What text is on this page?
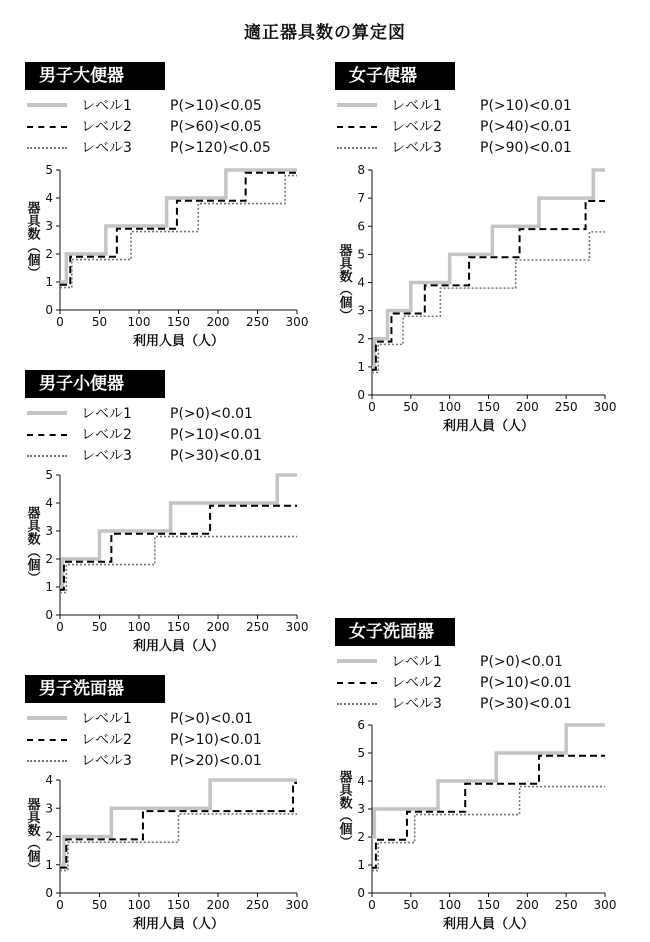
適正器具数の算定図
男子大便器
レベル1	P(>10)<0.05
レベル2	P(>60)<0.05
レベル3	P(>120)<0.05
0
1
2
3
4
5
0 50 100 150 200 250 300
利用人員（人）
器具数（個）
女子便器
レベル1	P(>10)<0.01
レベル2	P(>40)<0.01
レベル3	P(>90)<0.01
0
1
2
3
4
5
6
7
8
0 50 100 150 200 250 300
利用人員（人）
器具数（個）
男子小便器
レベル1	P(>0)<0.01
レベル2	P(>10)<0.01
レベル3	P(>30)<0.01
0
1
2
3
4
5
0 50 100 150 200 250 300
利用人員（人）
器具数（個）
男子洗面器
レベル1	P(>0)<0.01
レベル2	P(>10)<0.01
レベル3	P(>20)<0.01
0
1
2
3
4
0 50 100 150 200 250 300
利用人員（人）
器具数（個）
女子洗面器
レベル1	P(>0)<0.01
レベル2	P(>10)<0.01
レベル3	P(>30)<0.01
0
1
2
3
4
5
6
0 50 100 150 200 250 300
利用人員（人）
器具数（個）
